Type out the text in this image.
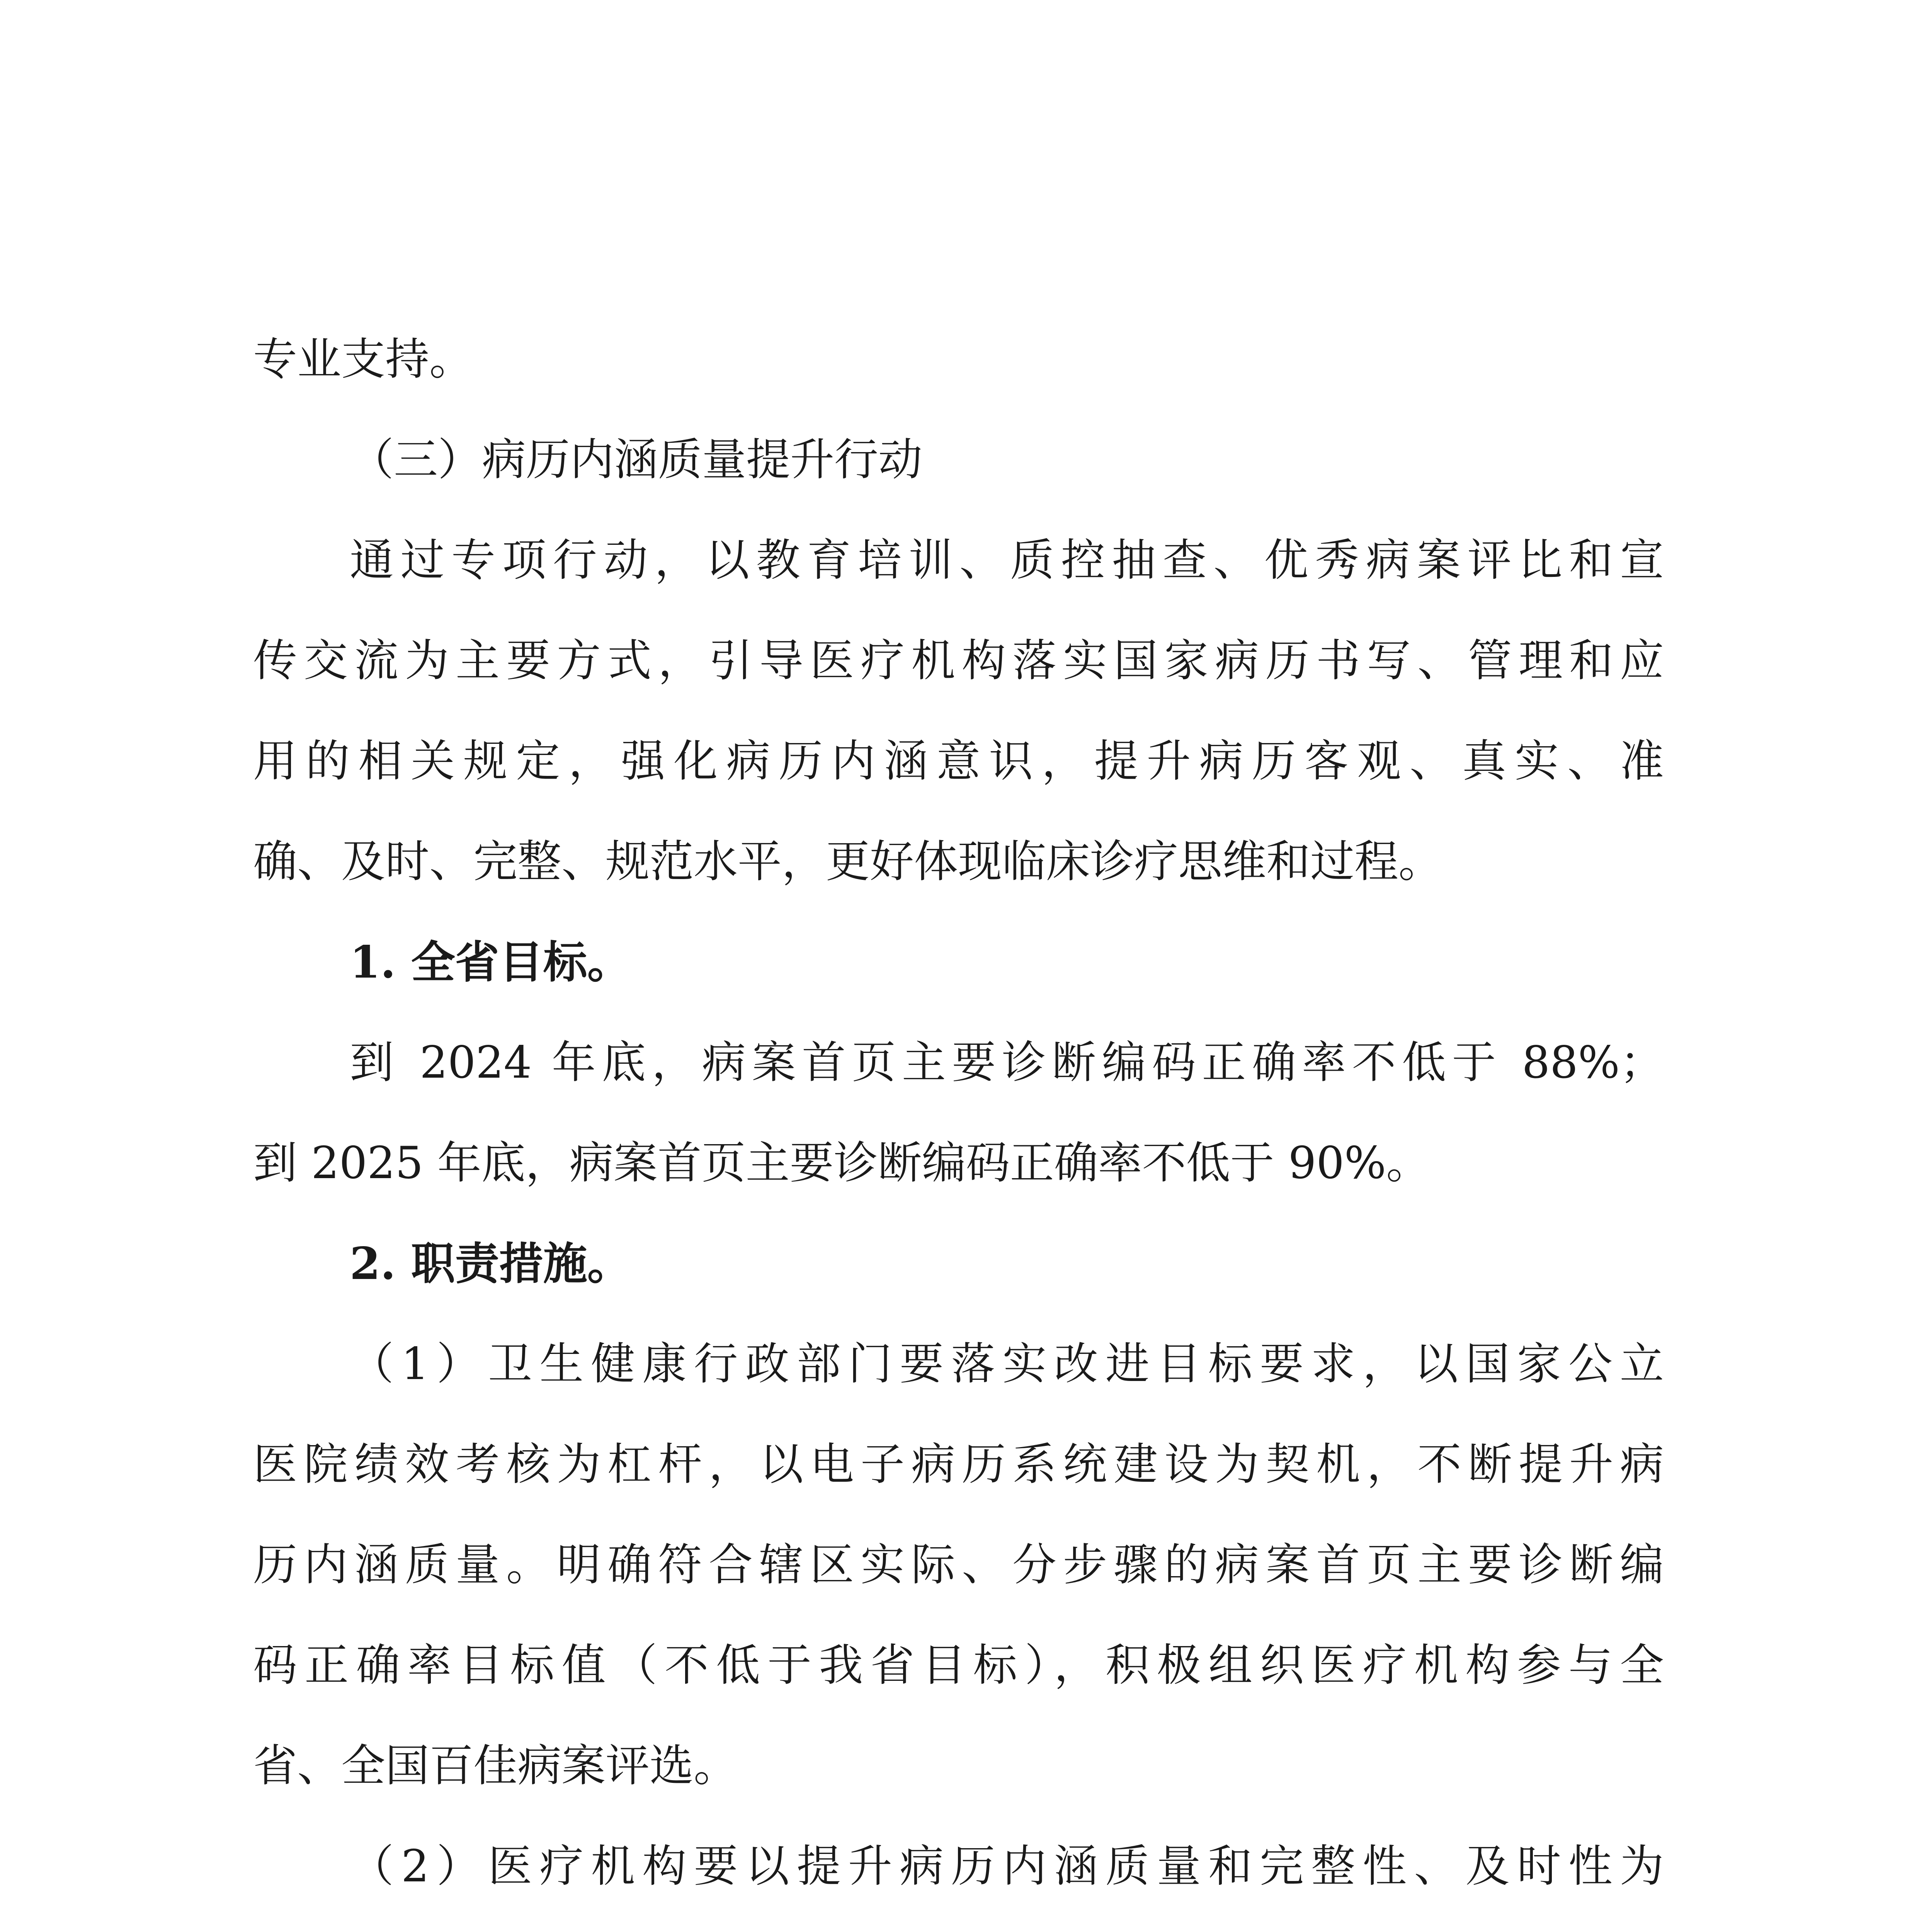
专业支持。
（三）病历内涵质量提升行动
通过专项行动，以教育培训、质控抽查、优秀病案评比和宣
传交流为主要方式，引导医疗机构落实国家病历书写、管理和应
用的相关规定，强化病历内涵意识，提升病历客观、真实、准
确、及时、完整、规范水平，更好体现临床诊疗思维和过程。
1. 全省目标。
到 2024 年底，病案首页主要诊断编码正确率不低于 88%；
到 2025 年底，病案首页主要诊断编码正确率不低于 90%。
2. 职责措施。
（1）卫生健康行政部门要落实改进目标要求，以国家公立
医院绩效考核为杠杆，以电子病历系统建设为契机，不断提升病
历内涵质量。明确符合辖区实际、分步骤的病案首页主要诊断编
码正确率目标值（不低于我省目标），积极组织医疗机构参与全
省、全国百佳病案评选。
（2）医疗机构要以提升病历内涵质量和完整性、及时性为
